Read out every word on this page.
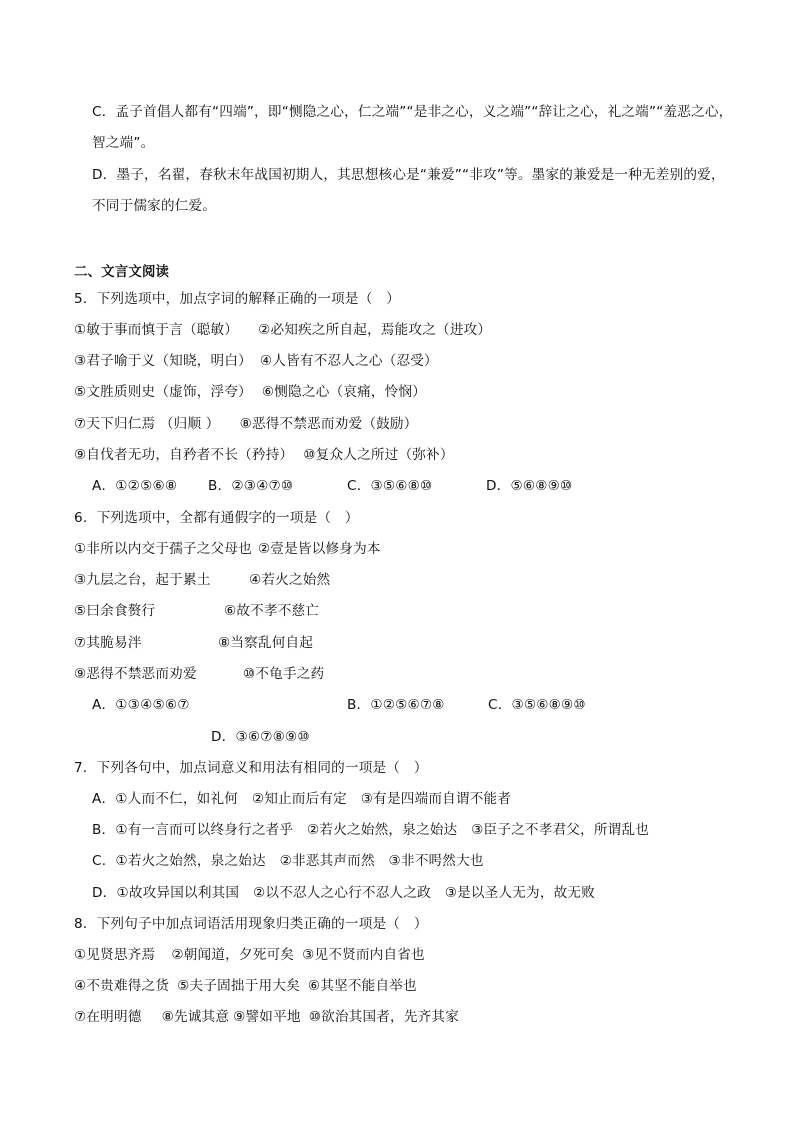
C．孟子首倡人都有“四端”，即“恻隐之心，仁之端”“是非之心，义之端”“辞让之心，礼之端”“羞恶之心，
智之端”。
D．墨子，名翟，春秋末年战国初期人，其思想核心是“兼爱”“非攻”等。墨家的兼爱是一种无差别的爱，
不同于儒家的仁爱。
二、文言文阅读
5．下列选项中，加点字词的解释正确的一项是（　）
①敏于事而慎于言（聪敏） ②必知疾之所自起，焉能攻之（进攻）
③君子喻于义（知晓，明白） ④人皆有不忍人之心（忍受）
⑤文胜质则史（虚饰，浮夸） ⑥恻隐之心（哀痛，怜悯）
⑦天下归仁焉 （归顺 ） ⑧恶得不禁恶而劝爱（鼓励）
⑨自伐者无功，自矜者不长（矜持） ⑩复众人之所过（弥补）
A．①②⑤⑥⑧ B．②③④⑦⑩	C．③⑤⑥⑧⑩	D．⑤⑥⑧⑨⑩
6．下列选项中，全都有通假字的一项是（　）
①非所以内交于孺子之父母也 ②壹是皆以修身为本
③九层之台，起于累土	④若火之始然
⑤曰余食赘行	⑥故不孝不慈亡
⑦其脆易泮	⑧当察乱何自起
⑨恶得不禁恶而劝爱	⑩不龟手之药
A．①③④⑤⑥⑦	B．①②⑤⑥⑦⑧	C．③⑤⑥⑧⑨⑩
D．③⑥⑦⑧⑨⑩
7．下列各句中，加点词意义和用法有相同的一项是（　）
A．①人而不仁，如礼何　②知止而后有定　③有是四端而自谓不能者
B．①有一言而可以终身行之者乎　②若火之始然，泉之始达　③臣子之不孝君父，所谓乱也
C．①若火之始然，泉之始达　②非恶其声而然　③非不呺然大也
D．①故攻异国以利其国　②以不忍人之心行不忍人之政　③是以圣人无为，故无败
8．下列句子中加点词语活用现象归类正确的一项是（　）
①见贤思齐焉 ②朝闻道，夕死可矣 ③见不贤而内自省也
④不贵难得之货 ⑤夫子固拙于用大矣 ⑥其坚不能自举也
⑦在明明德 ⑧先诚其意 ⑨譬如平地 ⑩欲治其国者，先齐其家
